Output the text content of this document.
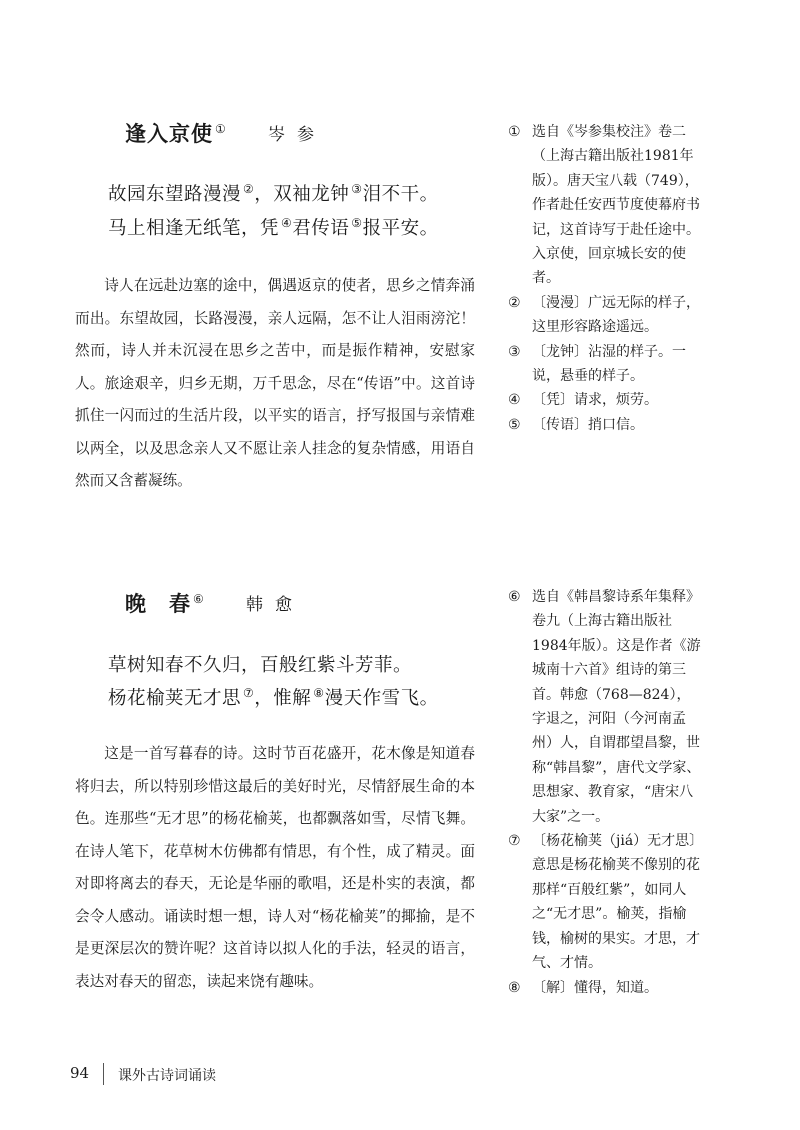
逢入京使 ① 岑参
故园东望路漫漫 ②，双袖龙钟 ③泪不干。
马上相逢无纸笔，凭 ④君传语 ⑤报平安。

诗人在远赴边塞的途中，偶遇返京的使者，思乡之情奔涌而出。东望故园，长路漫漫，亲人远隔，怎不让人泪雨滂沱！然而，诗人并未沉浸在思乡之苦中，而是振作精神，安慰家人。旅途艰辛，归乡无期，万千思念，尽在“传语”中。这首诗抓住一闪而过的生活片段，以平实的语言，抒写报国与亲情难以两全，以及思念亲人又不愿让亲人挂念的复杂情感，用语自然而又含蓄凝练。

① 选自《岑参集校注》卷二（上海古籍出版社1981年版）。唐天宝八载（749），作者赴任安西节度使幕府书记，这首诗写于赴任途中。入京使，回京城长安的使者。
② 〔漫漫〕广远无际的样子，这里形容路途遥远。
③ 〔龙钟〕沾湿的样子。一说，悬垂的样子。
④ 〔凭〕请求，烦劳。
⑤ 〔传语〕捎口信。
晚　春 ⑥ 韩愈
草树知春不久归，百般红紫斗芳菲。
杨花榆荚无才思 ⑦，惟解 ⑧漫天作雪飞。

这是一首写暮春的诗。这时节百花盛开，花木像是知道春将归去，所以特别珍惜这最后的美好时光，尽情舒展生命的本色。连那些“无才思”的杨花榆荚，也都飘落如雪，尽情飞舞。在诗人笔下，花草树木仿佛都有情思，有个性，成了精灵。面对即将离去的春天，无论是华丽的歌唱，还是朴实的表演，都会令人感动。诵读时想一想，诗人对“杨花榆荚”的揶揄，是不是更深层次的赞许呢？这首诗以拟人化的手法，轻灵的语言，表达对春天的留恋，读起来饶有趣味。

⑥ 选自《韩昌黎诗系年集释》卷九（上海古籍出版社1984年版）。这是作者《游城南十六首》组诗的第三首。韩愈（768—824），字退之，河阳（今河南孟州）人，自谓郡望昌黎，世称“韩昌黎”，唐代文学家、思想家、教育家，“唐宋八大家”之一。
⑦ 〔杨花榆荚（jiá）无才思〕意思是杨花榆荚不像别的花那样“百般红紫”，如同人之“无才思”。榆荚，指榆钱，榆树的果实。才思，才气、才情。
⑧ 〔解〕懂得，知道。
94 课外古诗词诵读
